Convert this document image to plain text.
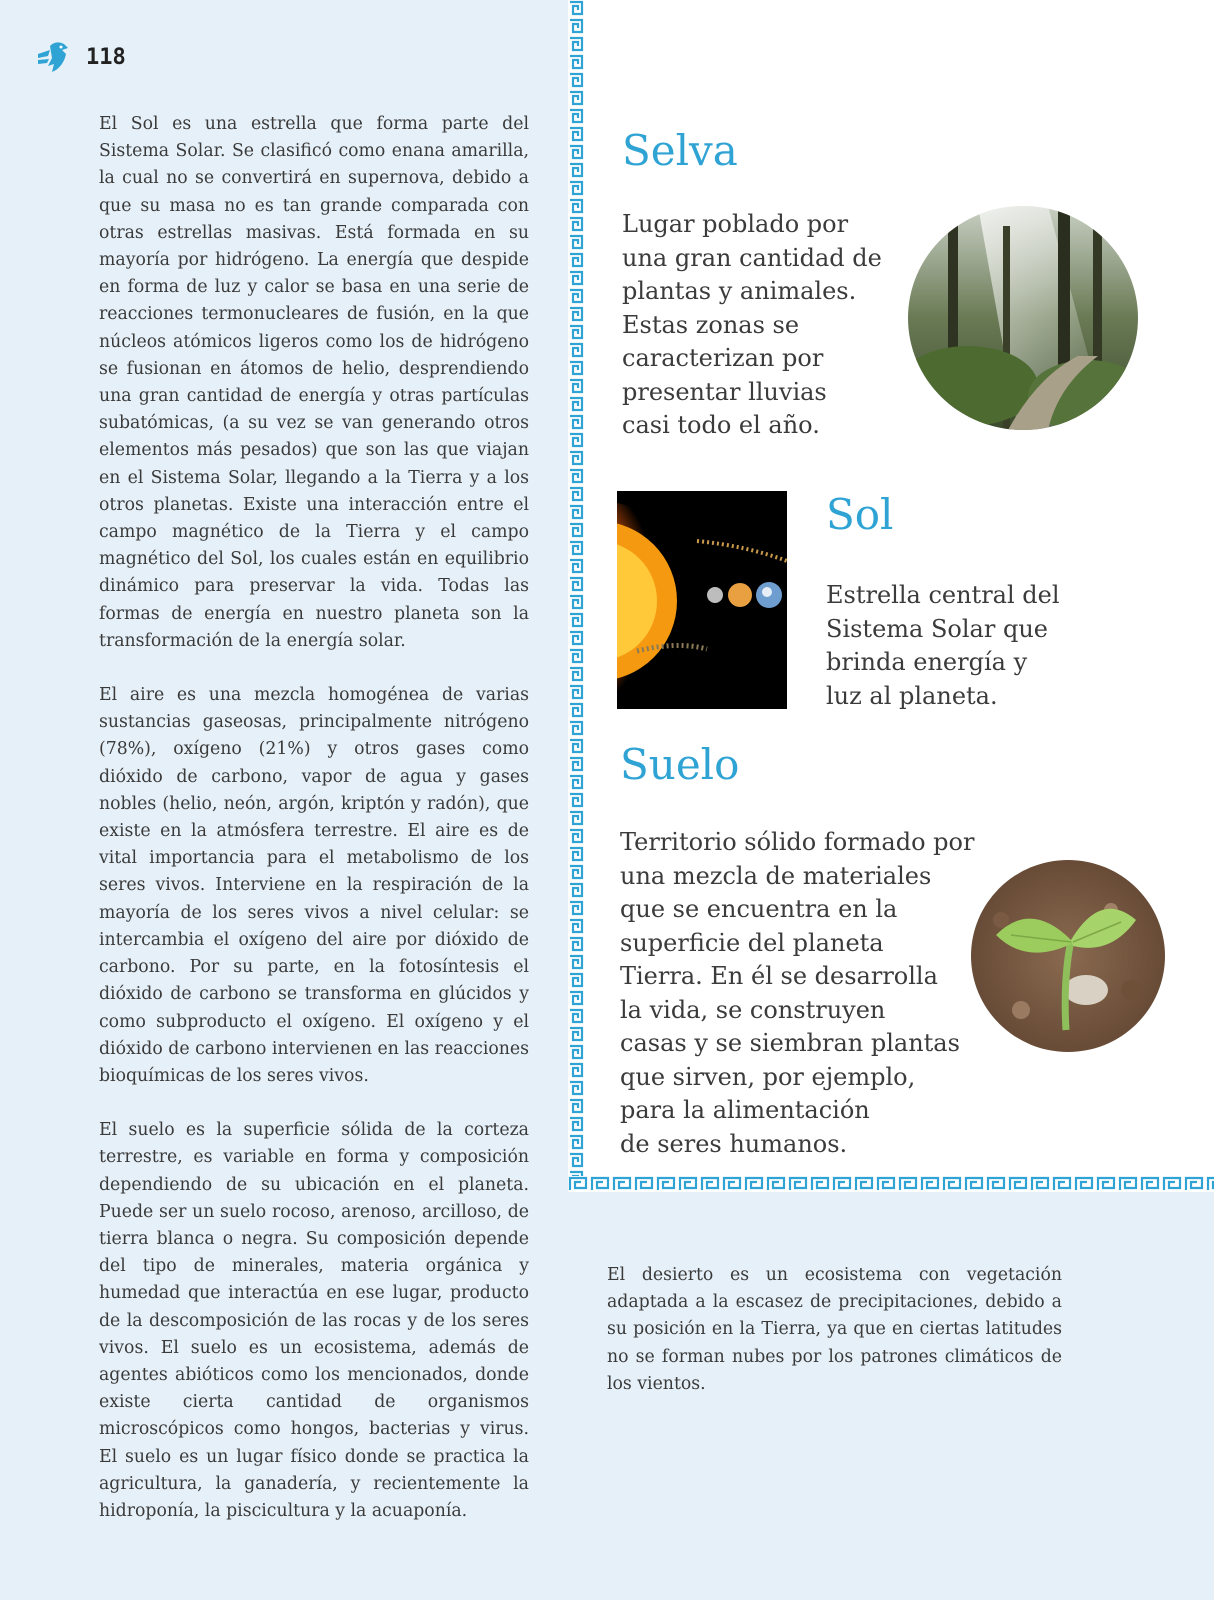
118

El Sol es una estrella que forma parte del Sistema Solar. Se clasificó como enana amarilla, la cual no se convertirá en supernova, debido a que su masa no es tan grande comparada con otras estrellas masivas. Está formada en su mayoría por hidrógeno. La energía que despide en forma de luz y calor se basa en una serie de reacciones termonucleares de fusión, en la que núcleos atómicos ligeros como los de hidrógeno se fusionan en átomos de helio, desprendiendo una gran cantidad de energía y otras partículas subatómicas, (a su vez se van generando otros elementos más pesados) que son las que viajan en el Sistema Solar, llegando a la Tierra y a los otros planetas. Existe una interacción entre el campo magnético de la Tierra y el campo magnético del Sol, los cuales están en equilibrio dinámico para preservar la vida. Todas las formas de energía en nuestro planeta son la transformación de la energía solar.

El aire es una mezcla homogénea de varias sustancias gaseosas, principalmente nitrógeno (78%), oxígeno (21%) y otros gases como dióxido de carbono, vapor de agua y gases nobles (helio, neón, argón, kriptón y radón), que existe en la atmósfera terrestre. El aire es de vital importancia para el metabolismo de los seres vivos. Interviene en la respiración de la mayoría de los seres vivos a nivel celular: se intercambia el oxígeno del aire por dióxido de carbono. Por su parte, en la fotosíntesis el dióxido de carbono se transforma en glúcidos y como subproducto el oxígeno. El oxígeno y el dióxido de carbono intervienen en las reacciones bioquímicas de los seres vivos.

El suelo es la superficie sólida de la corteza terrestre, es variable en forma y composición dependiendo de su ubicación en el planeta. Puede ser un suelo rocoso, arenoso, arcilloso, de tierra blanca o negra. Su composición depende del tipo de minerales, materia orgánica y humedad que interactúa en ese lugar, producto de la descomposición de las rocas y de los seres vivos. El suelo es un ecosistema, además de agentes abióticos como los mencionados, donde existe cierta cantidad de organismos microscópicos como hongos, bacterias y virus. El suelo es un lugar físico donde se practica la agricultura, la ganadería, y recientemente la hidroponía, la piscicultura y la acuaponía.

Selva
Lugar poblado por
una gran cantidad de
plantas y animales.
Estas zonas se
caracterizan por
presentar lluvias
casi todo el año.
Sol
Estrella central del
Sistema Solar que
brinda energía y
luz al planeta.
Suelo
Territorio sólido formado por
una mezcla de materiales
que se encuentra en la
superficie del planeta
Tierra. En él se desarrolla
la vida, se construyen
casas y se siembran plantas
que sirven, por ejemplo,
para la alimentación
de seres humanos.

El desierto es un ecosistema con vegetación adaptada a la escasez de precipitaciones, debido a su posición en la Tierra, ya que en ciertas latitudes no se forman nubes por los patrones climáticos de los vientos.
